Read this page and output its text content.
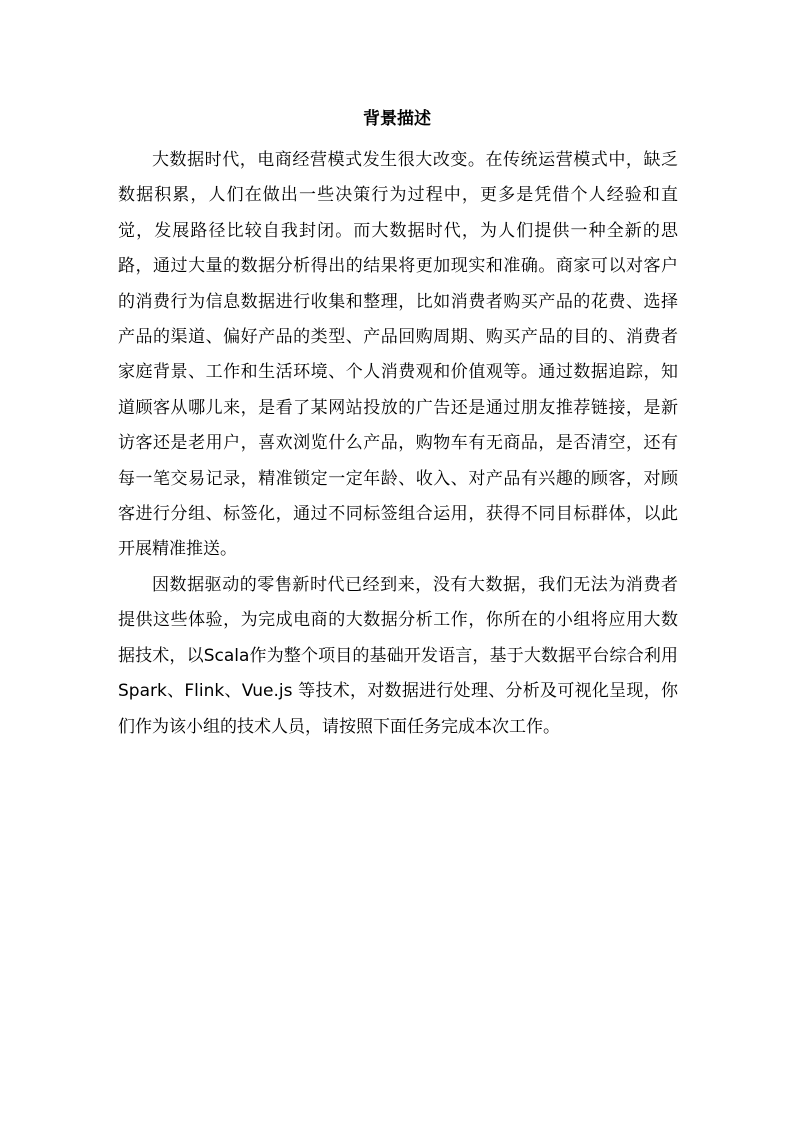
背景描述

大数据时代，电商经营模式发生很大改变。在传统运营模式中，缺乏数据积累，人们在做出一些决策行为过程中，更多是凭借个人经验和直觉，发展路径比较自我封闭。而大数据时代，为人们提供一种全新的思路，通过大量的数据分析得出的结果将更加现实和准确。商家可以对客户的消费行为信息数据进行收集和整理，比如消费者购买产品的花费、选择产品的渠道、偏好产品的类型、产品回购周期、购买产品的目的、消费者家庭背景、工作和生活环境、个人消费观和价值观等。通过数据追踪，知道顾客从哪儿来，是看了某网站投放的广告还是通过朋友推荐链接，是新访客还是老用户，喜欢浏览什么产品，购物车有无商品，是否清空，还有每一笔交易记录，精准锁定一定年龄、收入、对产品有兴趣的顾客，对顾客进行分组、标签化，通过不同标签组合运用，获得不同目标群体，以此开展精准推送。

因数据驱动的零售新时代已经到来，没有大数据，我们无法为消费者提供这些体验，为完成电商的大数据分析工作，你所在的小组将应用大数据技术，以Scala作为整个项目的基础开发语言，基于大数据平台综合利用 Spark、Flink、Vue.js 等技术，对数据进行处理、分析及可视化呈现，你们作为该小组的技术人员，请按照下面任务完成本次工作。
